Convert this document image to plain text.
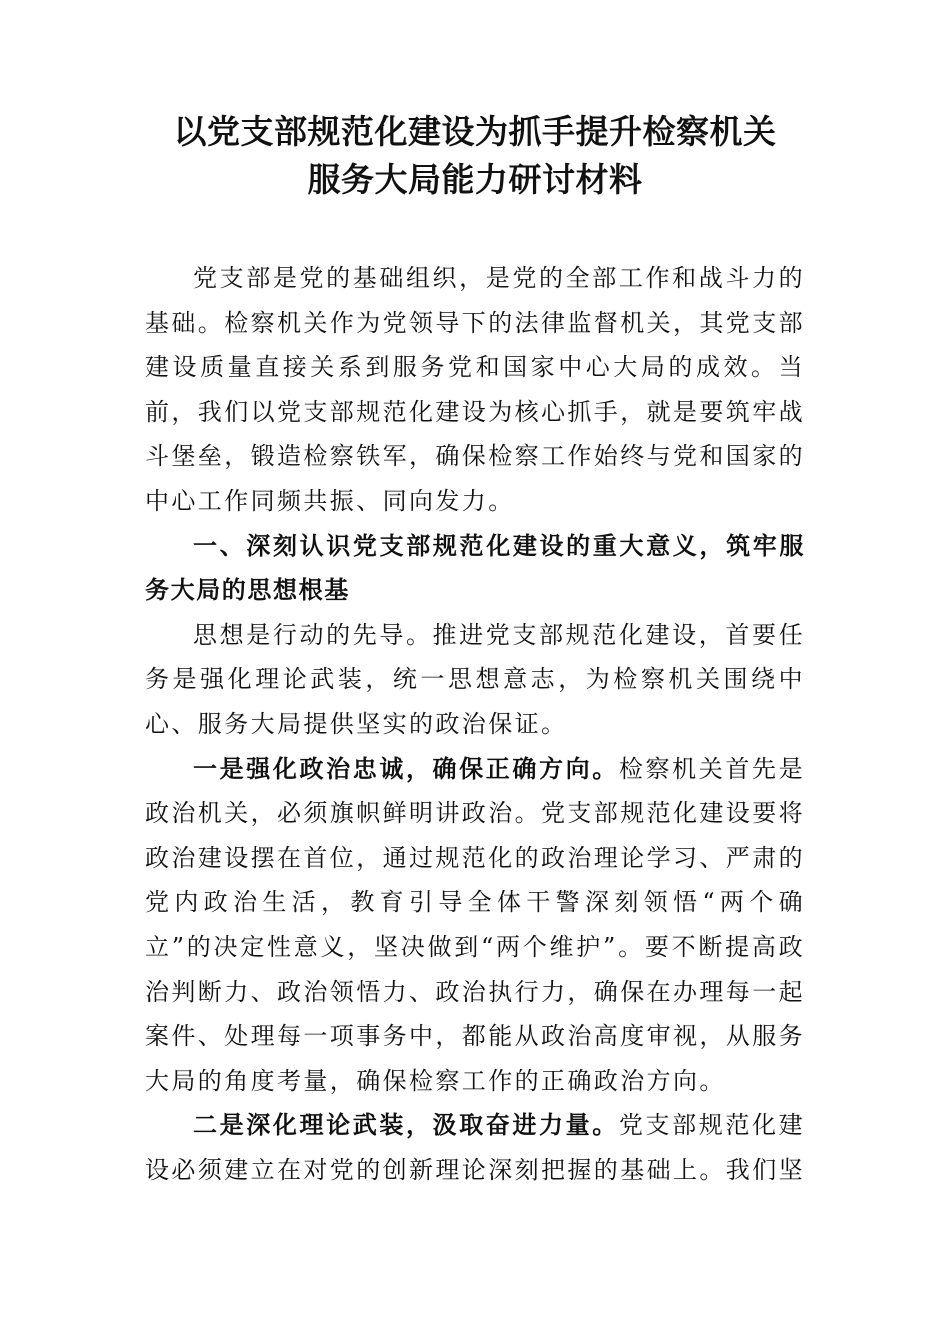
以党支部规范化建设为抓手提升检察机关
服务大局能力研讨材料

党支部是党的基础组织，是党的全部工作和战斗力的基础。检察机关作为党领导下的法律监督机关，其党支部建设质量直接关系到服务党和国家中心大局的成效。当前，我们以党支部规范化建设为核心抓手，就是要筑牢战斗堡垒，锻造检察铁军，确保检察工作始终与党和国家的中心工作同频共振、同向发力。

一、深刻认识党支部规范化建设的重大意义，筑牢服务大局的思想根基

思想是行动的先导。推进党支部规范化建设，首要任务是强化理论武装，统一思想意志，为检察机关围绕中心、服务大局提供坚实的政治保证。

一是强化政治忠诚，确保正确方向。检察机关首先是政治机关，必须旗帜鲜明讲政治。党支部规范化建设要将政治建设摆在首位，通过规范化的政治理论学习、严肃的党内政治生活，教育引导全体干警深刻领悟“两个确立”的决定性意义，坚决做到“两个维护”。要不断提高政治判断力、政治领悟力、政治执行力，确保在办理每一起案件、处理每一项事务中，都能从政治高度审视，从服务大局的角度考量，确保检察工作的正确政治方向。

二是深化理论武装，汲取奋进力量。党支部规范化建设必须建立在对党的创新理论深刻把握的基础上。我们坚
